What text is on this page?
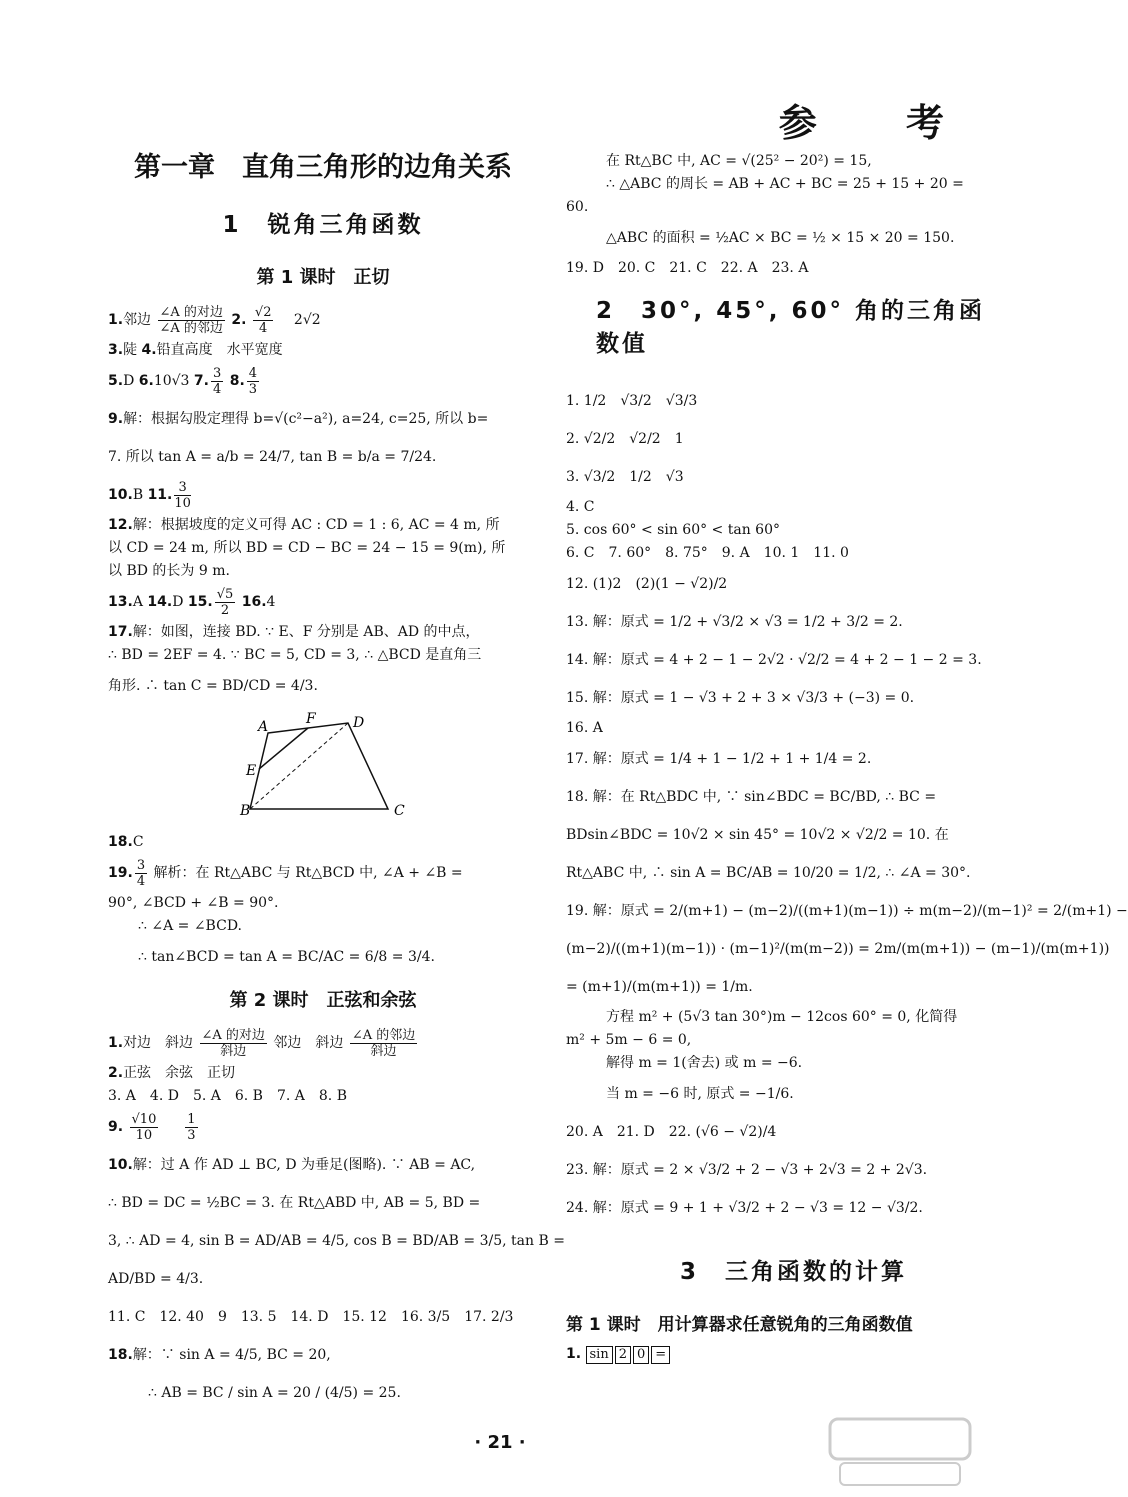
参 考
第一章　直角三角形的边角关系
1　锐角三角函数
第 1 课时　正切
1.邻边 $\frac{\text{∠A 的对边}}{\text{∠A 的邻边}} 2$. $\frac{√2}{4} 2√2$
3.陡 4.铅直高度　水平宽度
5.D 6.10√3 7. $\frac{3}{4} 8$. $\frac{4}{3}$
9.解：根据勾股定理得 b=√(c²−a²), a=24, c=25, 所以 b=
7. 所以 tan A = a/b = 24/7, tan B = b/a = 7/24.
10.B 11. $\frac{3}{10}$
12.解：根据坡度的定义可得 AC : CD = 1 : 6, AC = 4 m, 所
以 CD = 24 m, 所以 BD = CD − BC = 24 − 15 = 9(m), 所
以 BD 的长为 9 m.
13.A 14.D 15. $\frac{√5}{2} 16.4$
17.解：如图，连接 BD. ∵ E、F 分别是 AB、AD 的中点，
∴ BD = 2EF = 4. ∵ BC = 5, CD = 3, ∴ △BCD 是直角三
角形. ∴ tan C = BD/CD = 4/3.
A
B	C
D
E
F
18.C
19. $\frac{3}{4}$ 解析：在 Rt△ABC 与 Rt△BCD 中, ∠A + ∠B =
90°, ∠BCD + ∠B = 90°.
∴ ∠A = ∠BCD.
∴ tan∠BCD = tan A = BC/AC = 6/8 = 3/4.
第 2 课时　正弦和余弦
1.对边　斜边 $\frac{\text{∠A 的对边}}{\text{斜边}}$ 邻边　斜边 $\frac{\text{∠A 的邻边}}{\text{斜边}}$
2.正弦　余弦　正切
3. A　4. D　5. A　6. B　7. A　8. B
9. $\frac{√10}{10}$
$\frac{1}{3}$
10.解：过 A 作 AD ⊥ BC, D 为垂足(图略). ∵ AB = AC,
∴ BD = DC = ½BC = 3. 在 Rt△ABD 中, AB = 5, BD =
3, ∴ AD = 4, sin B = AD/AB = 4/5, cos B = BD/AB = 3/5, tan B =
AD/BD = 4/3.
11. C　12. 40　9　13. 5　14. D　15. 12　16. 3/5　17. 2/3
18.解：∵ sin A = 4/5, BC = 20,
∴ AB = BC / sin A = 20 / (4/5) = 25.
在 Rt△BC 中, AC = √(25² − 20²) = 15,
∴ △ABC 的周长 = AB + AC + BC = 25 + 15 + 20 =
60.
△ABC 的面积 = ½AC × BC = ½ × 15 × 20 = 150.
19. D　20. C　21. C　22. A　23. A
2　30°, 45°, 60° 角的三角函数值
1. 1/2　√3/2　√3/3
2. √2/2　√2/2　1
3. √3/2　1/2　√3
4. C
5. cos 60° < sin 60° < tan 60°
6. C　7. 60°　8. 75°　9. A　10. 1　11. 0
12. (1)2　(2)(1 − √2)/2
13. 解：原式 = 1/2 + √3/2 × √3 = 1/2 + 3/2 = 2.
14. 解：原式 = 4 + 2 − 1 − 2√2 · √2/2 = 4 + 2 − 1 − 2 = 3.
15. 解：原式 = 1 − √3 + 2 + 3 × √3/3 + (−3) = 0.
16. A
17. 解：原式 = 1/4 + 1 − 1/2 + 1 + 1/4 = 2.
18. 解：在 Rt△BDC 中, ∵ sin∠BDC = BC/BD, ∴ BC =
BDsin∠BDC = 10√2 × sin 45° = 10√2 × √2/2 = 10. 在
Rt△ABC 中, ∴ sin A = BC/AB = 10/20 = 1/2, ∴ ∠A = 30°.
19. 解：原式 = 2/(m+1) − (m−2)/((m+1)(m−1)) ÷ m(m−2)/(m−1)² = 2/(m+1) −
(m−2)/((m+1)(m−1)) · (m−1)²/(m(m−2)) = 2m/(m(m+1)) − (m−1)/(m(m+1))
= (m+1)/(m(m+1)) = 1/m.
方程 m² + (5√3 tan 30°)m − 12cos 60° = 0, 化简得
m² + 5m − 6 = 0,
解得 m = 1(舍去) 或 m = −6.
当 m = −6 时, 原式 = −1/6.
20. A　21. D　22. (√6 − √2)/4
23. 解：原式 = 2 × √3/2 + 2 − √3 + 2√3 = 2 + 2√3.
24. 解：原式 = 9 + 1 + √3/2 + 2 − √3 = 12 − √3/2.
3　三角函数的计算
第 1 课时　用计算器求任意锐角的三角函数值
1. sin 2 0 =
· 21 ·
